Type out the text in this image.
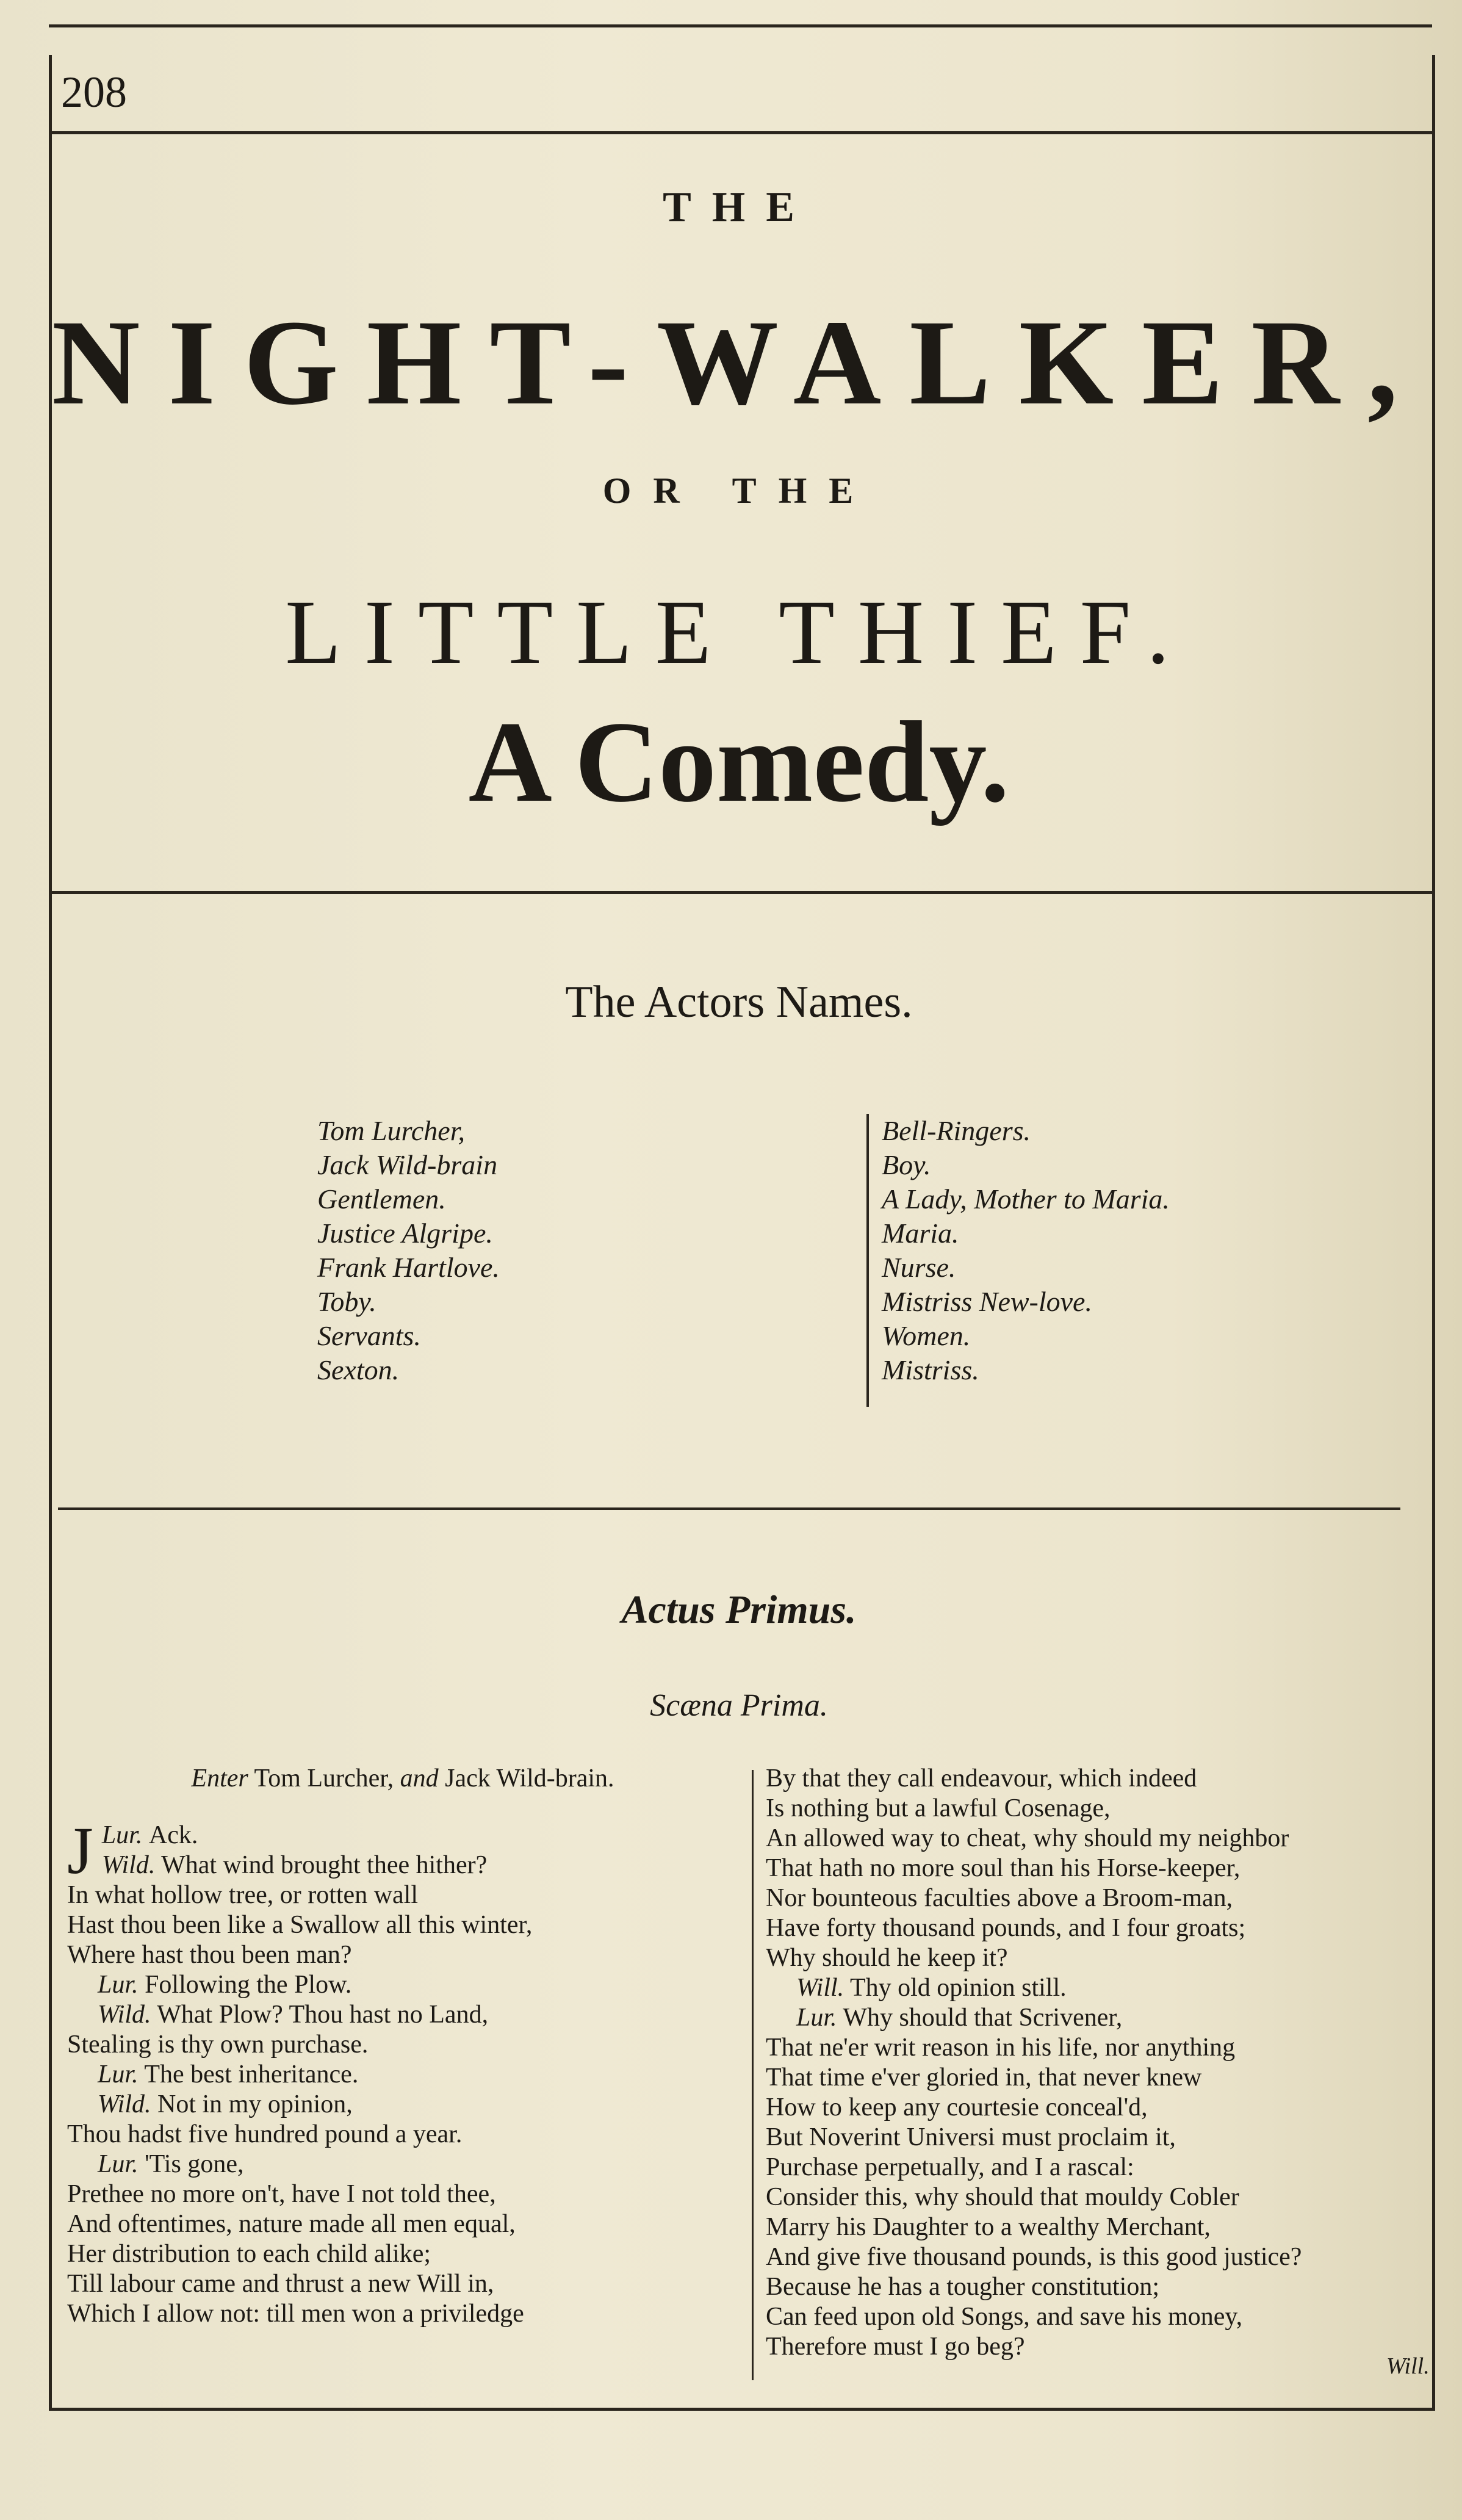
208
THE
NIGHT-WALKER,
OR THE
LITTLE THIEF.
A Comedy.
The Actors Names.
Tom Lurcher,
Jack Wild-brain
Gentlemen.
Justice Algripe.
Frank Hartlove.
Toby.
Servants.
Sexton.
Bell-Ringers.
Boy.
A Lady, Mother to Maria.
Maria.
Nurse.
Mistriss New-love.
Women.
Mistriss.
Actus Primus.
Scæna Prima.
Enter Tom Lurcher, and Jack Wild-brain.
Lur.
J Ack.
Wild. What wind brought thee hither?
In what hollow tree, or rotten wall
Hast thou been like a Swallow all this winter,
Where hast thou been man?
Lur. Following the Plow.
Wild. What Plow? Thou hast no Land,
Stealing is thy own purchase.
Lur. The best inheritance.
Wild. Not in my opinion,
Thou hadst five hundred pound a year.
Lur. 'Tis gone,
Prethee no more on't, have I not told thee,
And oftentimes, nature made all men equal,
Her distribution to each child alike;
Till labour came and thrust a new Will in,
Which I allow not: till men won a priviledge
By that they call endeavour, which indeed
Is nothing but a lawful Cosenage,
An allowed way to cheat, why should my neighbor
That hath no more soul than his Horse-keeper,
Nor bounteous faculties above a Broom-man,
Have forty thousand pounds, and I four groats;
Why should he keep it?
Will. Thy old opinion still.
Lur. Why should that Scrivener,
That ne'er writ reason in his life, nor anything
That time e'ver gloried in, that never knew
How to keep any courtesie conceal'd,
But Noverint Universi must proclaim it,
Purchase perpetually, and I a rascal:
Consider this, why should that mouldy Cobler
Marry his Daughter to a wealthy Merchant,
And give five thousand pounds, is this good justice?
Because he has a tougher constitution;
Can feed upon old Songs, and save his money,
Therefore must I go beg?
Will.
